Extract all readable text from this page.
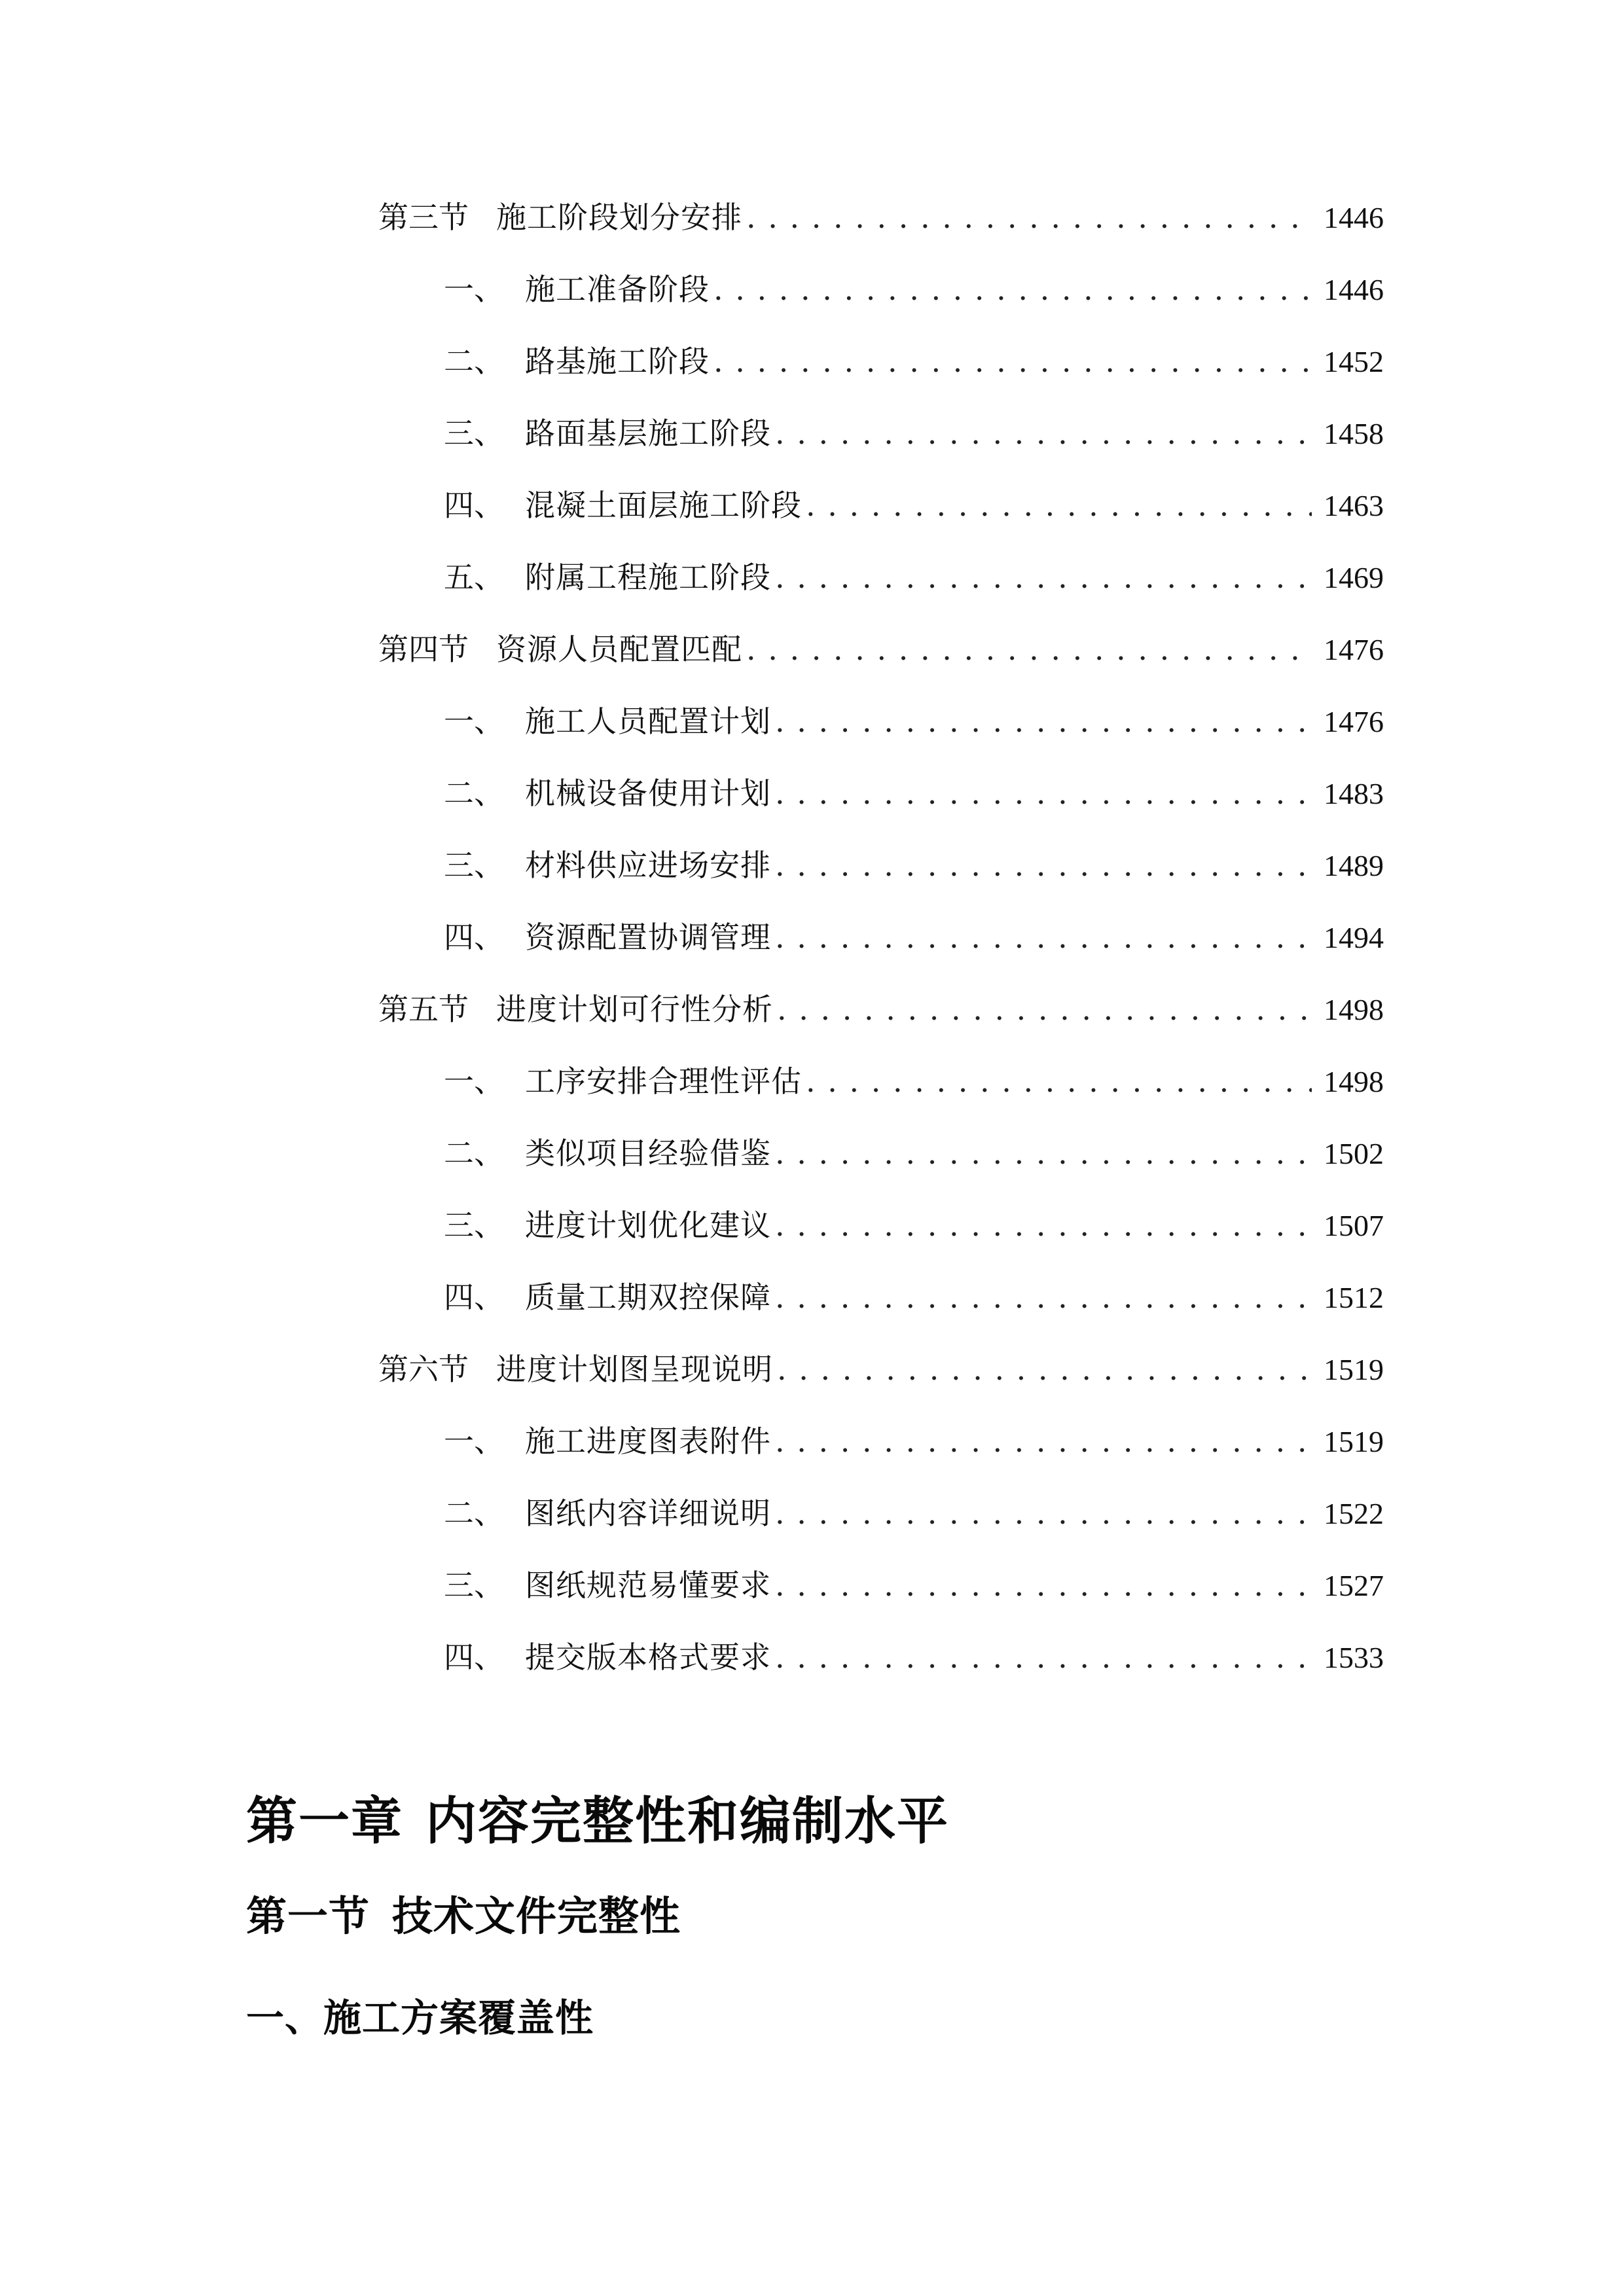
第三节 施工阶段划分安排 . . .	1446
一、 施工准备阶段 . . .	1446
二、 路基施工阶段 . . .	1452
三、 路面基层施工阶段 . . .	1458
四、 混凝土面层施工阶段 . . .	1463
五、 附属工程施工阶段 . . .	1469
第四节 资源人员配置匹配 . . .	1476
一、 施工人员配置计划 . . .	1476
二、 机械设备使用计划 . . .	1483
三、 材料供应进场安排 . . .	1489
四、 资源配置协调管理 . . .	1494
第五节 进度计划可行性分析 . . .	1498
一、 工序安排合理性评估 . . .	1498
二、 类似项目经验借鉴 . . .	1502
三、 进度计划优化建议 . . .	1507
四、 质量工期双控保障 . . .	1512
第六节 进度计划图呈现说明 . . .	1519
一、 施工进度图表附件 . . .	1519
二、 图纸内容详细说明 . . .	1522
三、 图纸规范易懂要求 . . .	1527
四、 提交版本格式要求 . . .	1533
第一章 内容完整性和编制水平
第一节 技术文件完整性
一、施工方案覆盖性
